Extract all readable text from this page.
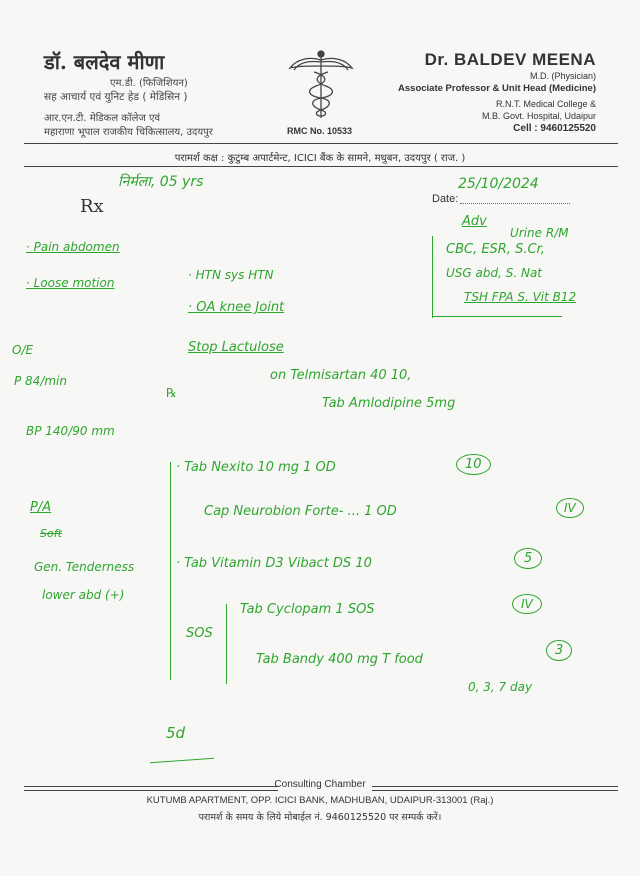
डॉ. बलदेव मीणा
एम.डी. (फिजिशियन)
सह आचार्य एवं युनिट हेड ( मेडिसिन )
आर.एन.टी. मेडिकल कॉलेज एवं
महाराणा भूपाल राजकीय चिकित्सालय, उदयपुर	RMC No. 10533
Dr. BALDEV MEENA
M.D. (Physician)
Associate Professor & Unit Head (Medicine)
R.N.T. Medical College &
M.B. Govt. Hospital, Udaipur
Cell : 9460125520
परामर्श कक्ष : कुटुम्ब अपार्टमेन्ट, ICICI बैंक के सामने, मधुबन, उदयपुर ( राज. )
Rx	Date:
निर्मला, 05 yrs	25/10/2024
· Pain abdomen
· Loose motion
· HTN sys HTN
· OA knee Joint
Stop Lactulose
O/E
P 84/min
℞
on Telmisartan 40 10,
Tab Amlodipine 5mg
BP 140/90 mm
P/A
Soft
Gen. Tenderness
lower abd (+)
Adv
Urine R/M
CBC, ESR, S.Cr,
USG abd, S. Nat
TSH FPA S. Vit B12
· Tab Nexito 10 mg 1 OD	10
Cap Neurobion Forte- ... 1 OD	IV
· Tab Vitamin D3 Vibact DS 10	5
SOS
Tab Cyclopam 1 SOS	IV
Tab Bandy 400 mg T food
3
0, 3, 7 day
5d
Consulting Chamber
KUTUMB APARTMENT, OPP. ICICI BANK, MADHUBAN, UDAIPUR-313001 (Raj.)
परामर्श के समय के लिये मोबाईल नं. 9460125520 पर सम्पर्क करें।
